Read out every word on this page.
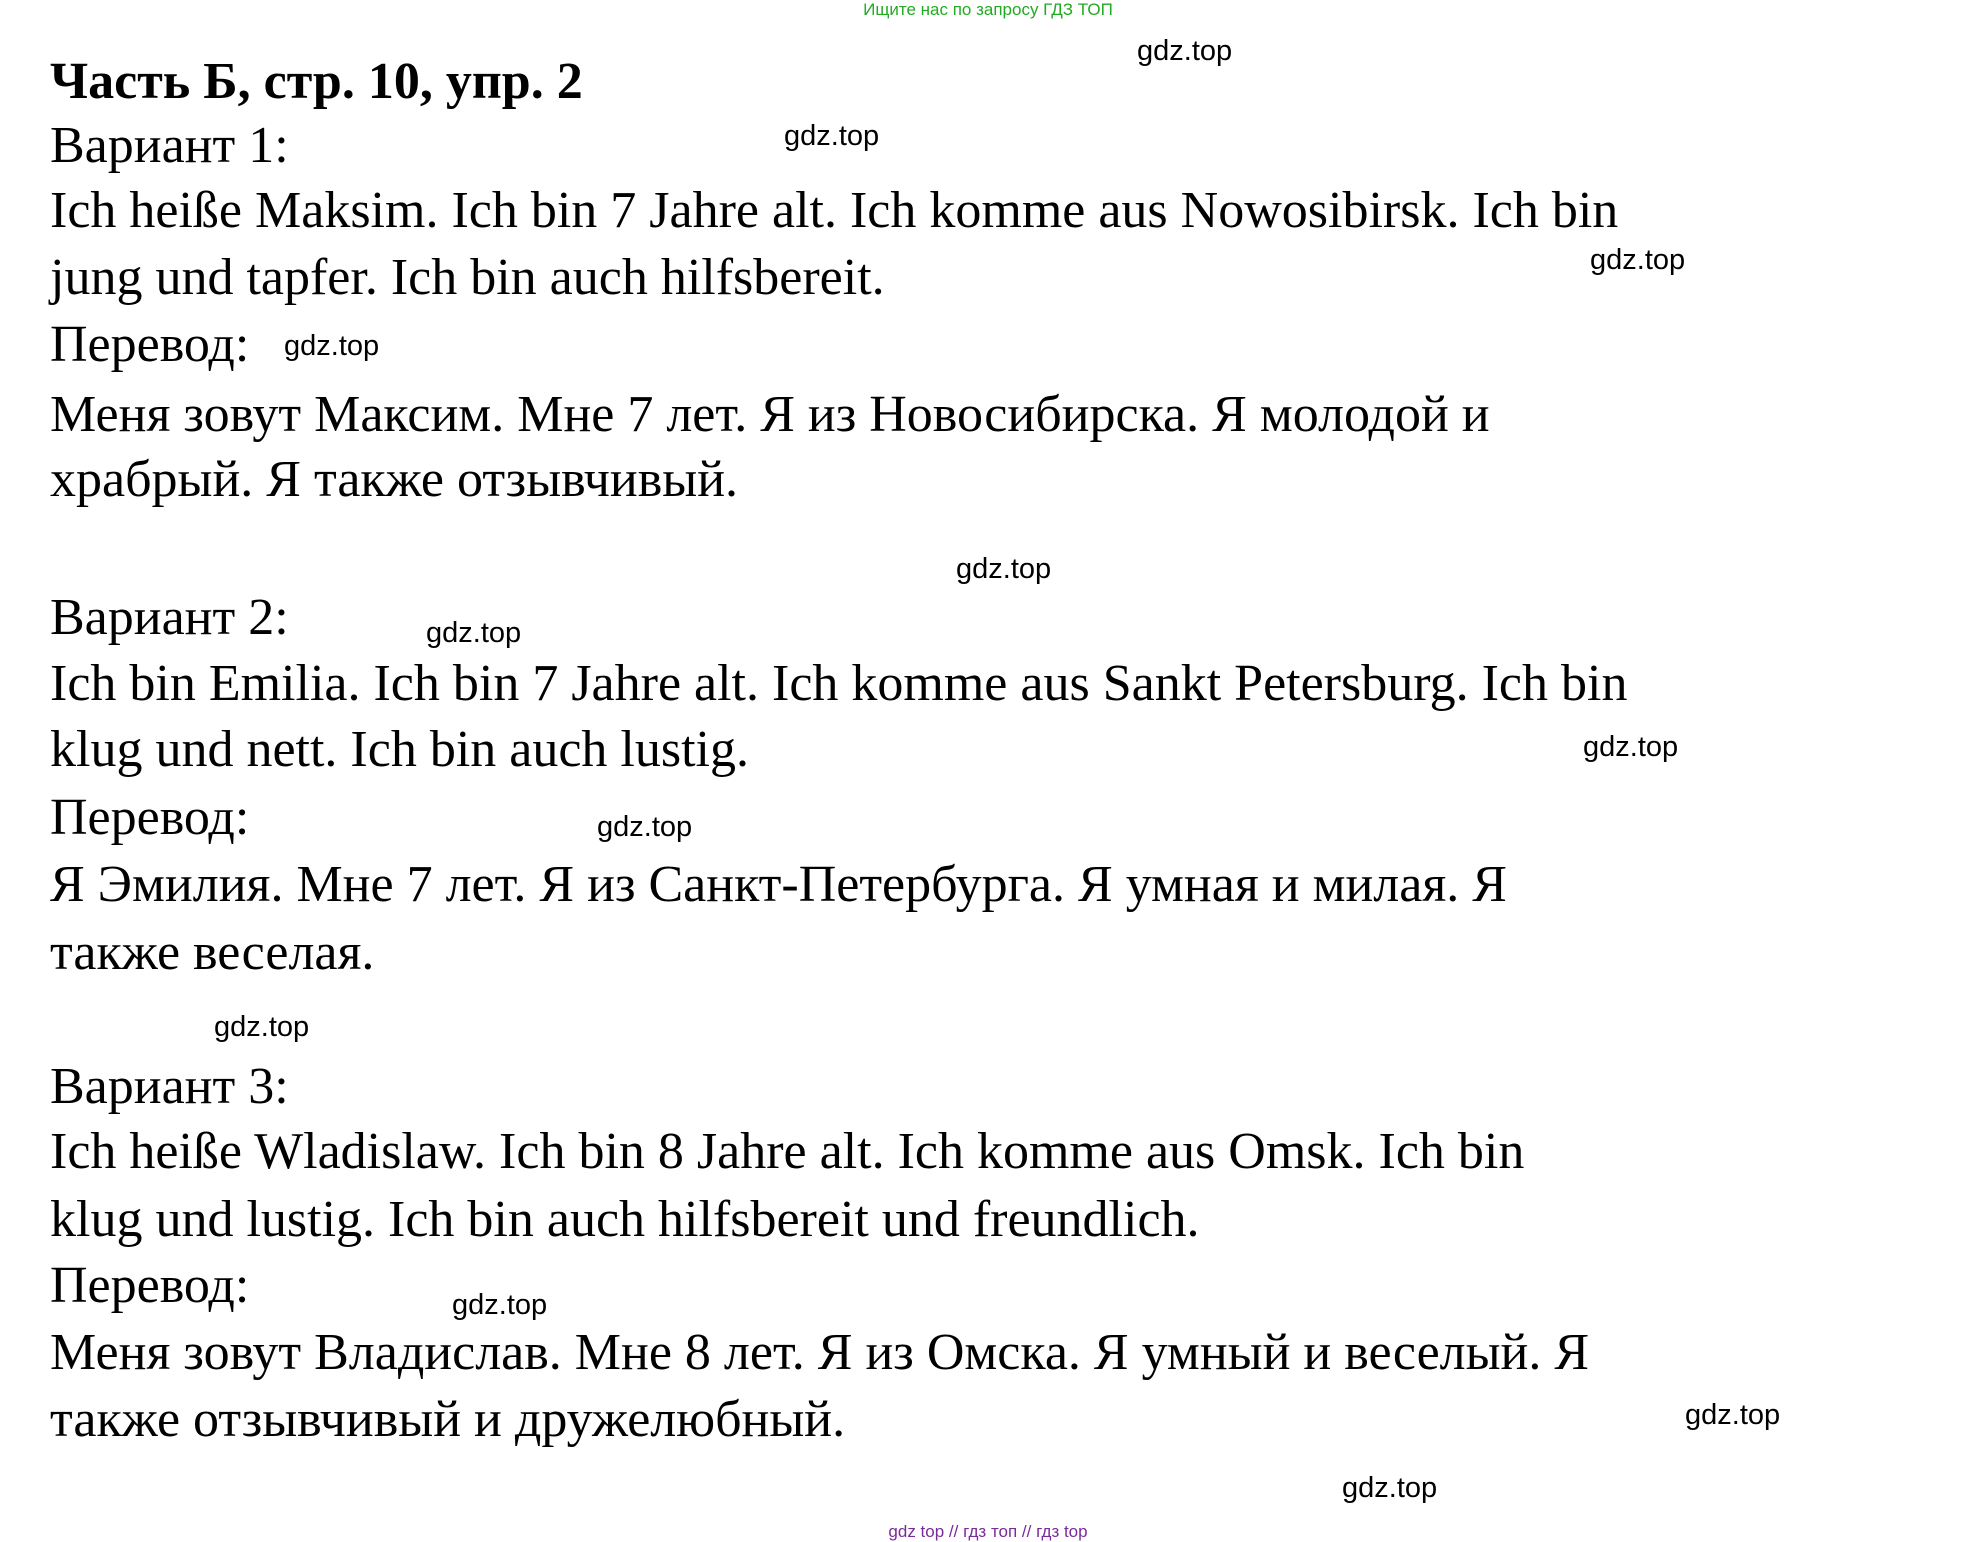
Ищите нас по запросу ГДЗ ТОП
Часть Б, стр. 10, упр. 2
Вариант 1:
Ich heiße Maksim. Ich bin 7 Jahre alt. Ich komme aus Nowosibirsk. Ich bin
jung und tapfer. Ich bin auch hilfsbereit.
Перевод:
Меня зовут Максим. Мне 7 лет. Я из Новосибирска. Я молодой и
храбрый. Я также отзывчивый.
Вариант 2:
Ich bin Emilia. Ich bin 7 Jahre alt. Ich komme aus Sankt Petersburg. Ich bin
klug und nett. Ich bin auch lustig.
Перевод:
Я Эмилия. Мне 7 лет. Я из Санкт-Петербурга. Я умная и милая. Я
также веселая.
Вариант 3:
Ich heiße Wladislaw. Ich bin 8 Jahre alt. Ich komme aus Omsk. Ich bin
klug und lustig. Ich bin auch hilfsbereit und freundlich.
Перевод:
Меня зовут Владислав. Мне 8 лет. Я из Омска. Я умный и веселый. Я
также отзывчивый и дружелюбный.
gdz.top
gdz.top
gdz.top
gdz.top
gdz.top
gdz.top
gdz.top
gdz.top
gdz.top
gdz.top
gdz.top
gdz.top
gdz top // гдз топ // гдз top
